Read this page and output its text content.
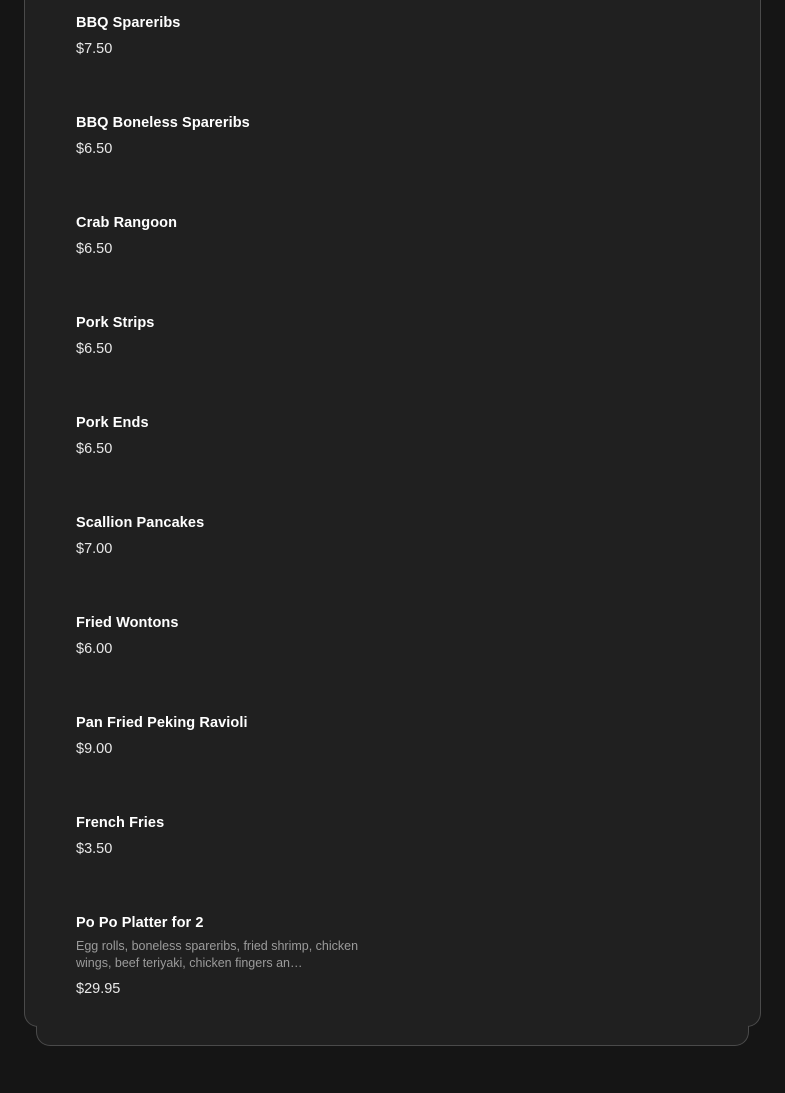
BBQ Spareribs
$7.50
BBQ Boneless Spareribs
$6.50
Crab Rangoon
$6.50
Pork Strips
$6.50
Pork Ends
$6.50
Scallion Pancakes
$7.00
Fried Wontons
$6.00
Pan Fried Peking Ravioli
$9.00
French Fries
$3.50
Po Po Platter for 2
Egg rolls, boneless spareribs, fried shrimp, chicken wings, beef teriyaki, chicken fingers an…
$29.95
